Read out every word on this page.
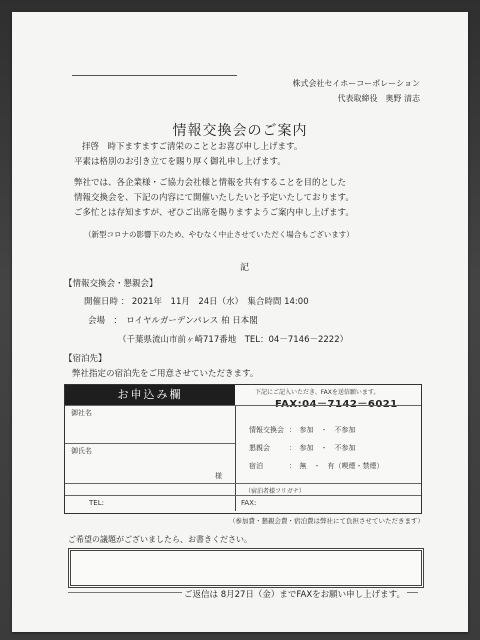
株式会社セイホーコーポレーション
代表取締役　奥野 清志
情報交換会のご案内
拝啓　時下ますますご清栄のこととお喜び申し上げます。
平素は格別のお引き立てを賜り厚く御礼申し上げます。
弊社では、各企業様・ご協力会社様と情報を共有することを目的とした
情報交換会を、下記の内容にて開催いたしたいと予定いたしております。
ご多忙とは存知ますが、ぜひご出席を賜りますようご案内申し上げます。
（新型コロナの影響下のため、やむなく中止させていただく場合もございます）
記
【情報交換会・懇親会】
開催日時 ： 2021年　11月　24日（水）　集合時間 14:00
会場　：　ロイヤルガーデンパレス 柏 日本閣
（千葉県流山市前ヶ崎717番地　TEL：04－7146－2222）
【宿泊先】
弊社指定の宿泊先をご用意させていただきます。
お申込み欄	下記にご記入いただき、FAXを送信願います。
FAX:04－7142－6021
御社名
御氏名
様
TEL:	FAX:
情報交換会 ：　参加　・　不参加
懇親会	：　参加　・　不参加
宿泊	：　無　・　有（喫煙・禁煙）
（宿泊者様フリガナ）
（参加費・懇親会費・宿泊費は弊社にて負担させていただきます）
ご希望の議題がございましたら、お書きください。
ご返信は 8月27日（金）までFAXをお願い申し上げます。
